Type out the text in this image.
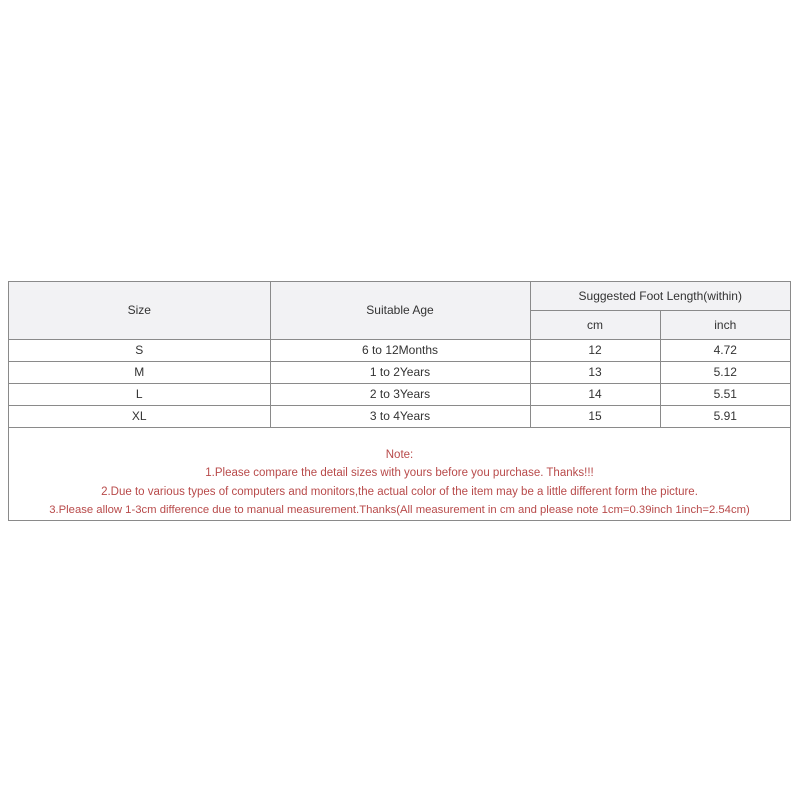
Size	Suitable Age	Suggested Foot Length(within)	
		cm	inch
S	6 to 12Months	12	4.72
M	1 to 2Years	13	5.12
L	2 to 3Years	14	5.51
XL	3 to 4Years	15	5.91
Note:
1.Please compare the detail sizes with yours before you purchase. Thanks!!!
2.Due to various types of computers and monitors,the actual color of the item may be a little different form the picture.
3.Please allow 1-3cm difference due to manual measurement.Thanks(All measurement in cm and please note 1cm=0.39inch 1inch=2.54cm)
